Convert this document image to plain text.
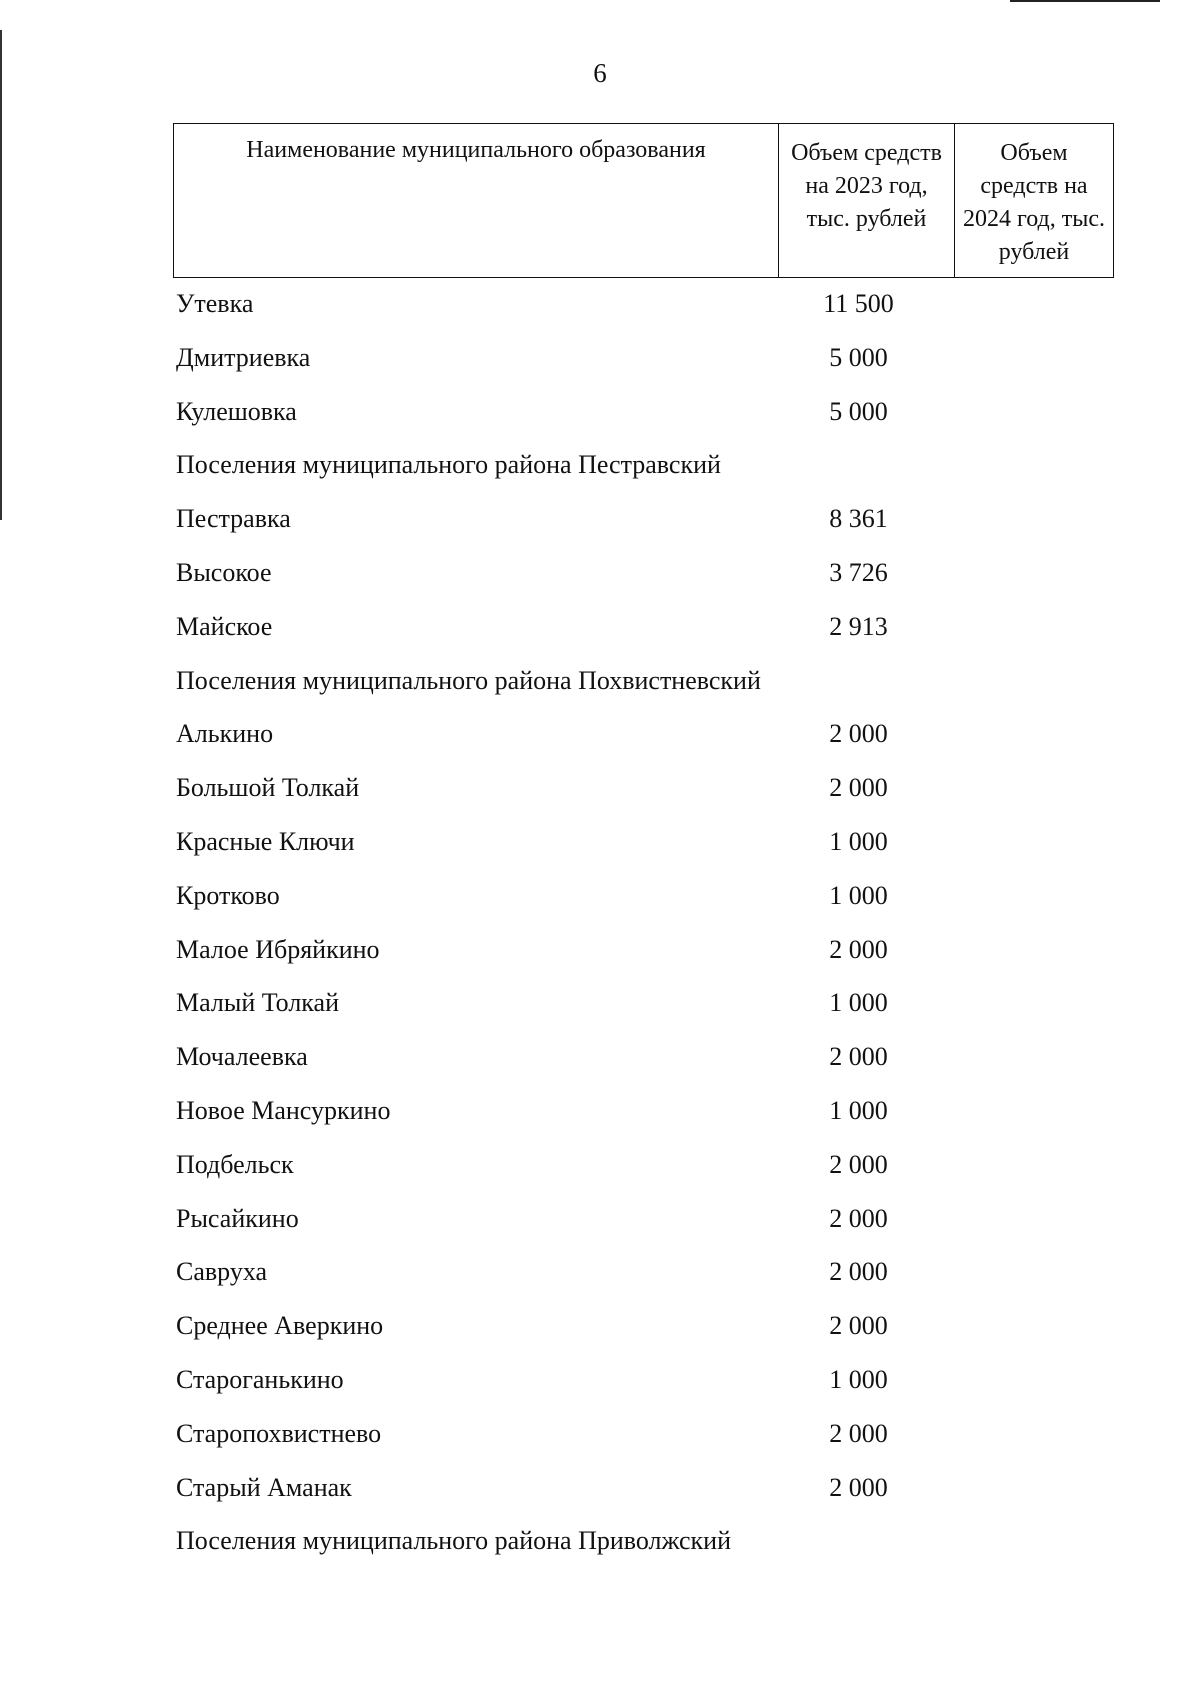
6
Наименование муниципального образования	Объем средств на 2023 год, тыс. рублей	Объем средств на 2024 год, тыс. рублей
Утевка	11 500
Дмитриевка	5 000
Кулешовка	5 000
Поселения муниципального района Пестравский
Пестравка	8 361
Высокое	3 726
Майское	2 913
Поселения муниципального района Похвистневский
Алькино	2 000
Большой Толкай	2 000
Красные Ключи	1 000
Кротково	1 000
Малое Ибряйкино	2 000
Малый Толкай	1 000
Мочалеевка	2 000
Новое Мансуркино	1 000
Подбельск	2 000
Рысайкино	2 000
Савруха	2 000
Среднее Аверкино	2 000
Староганькино	1 000
Старопохвистнево	2 000
Старый Аманак	2 000
Поселения муниципального района Приволжский
